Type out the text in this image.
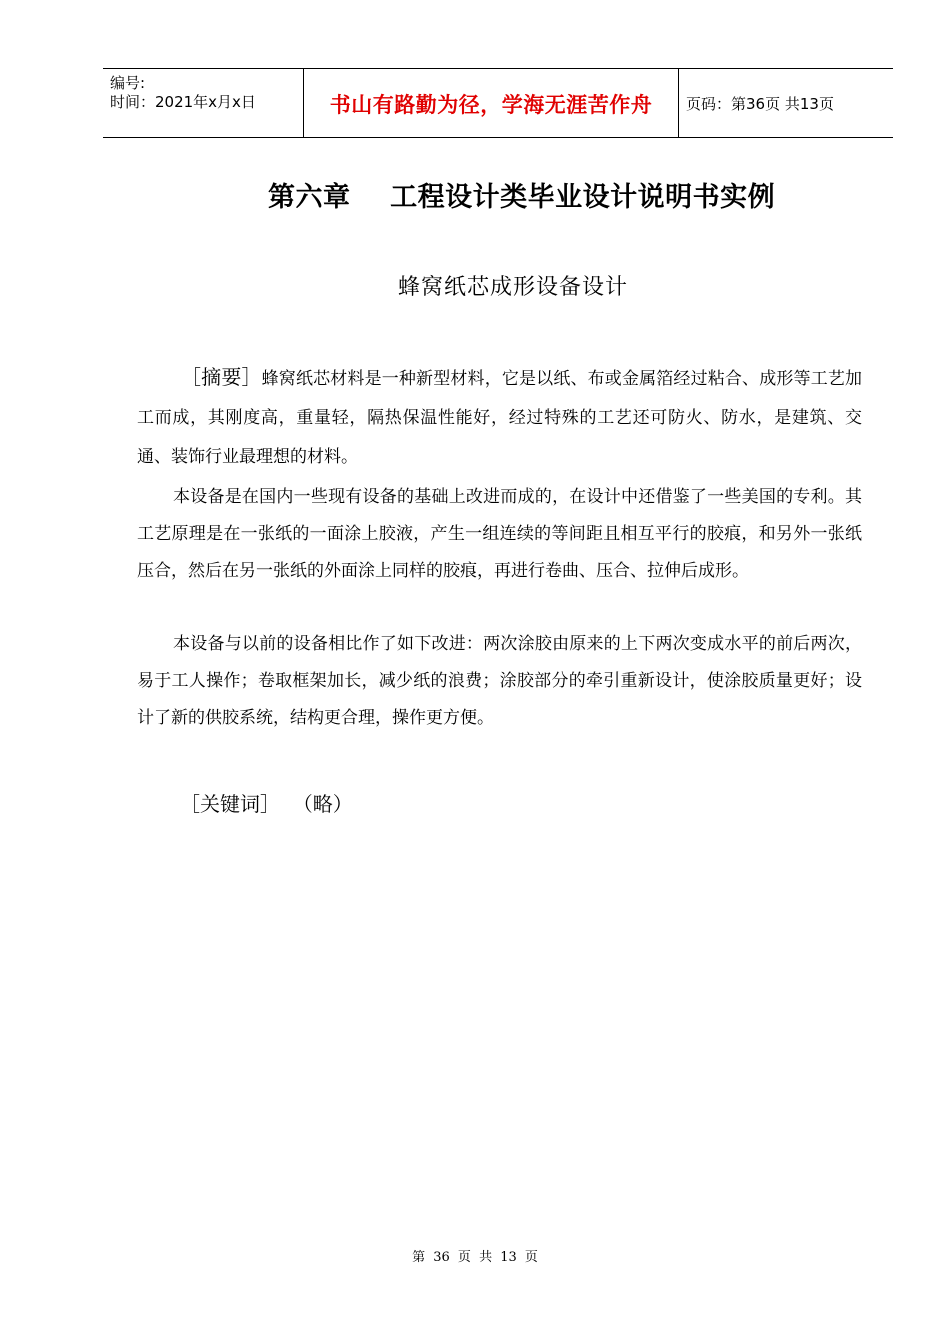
编号:
时间：2021年x月x日	书山有路勤为径，学海无涯苦作舟	页码：第36页 共13页
第六章    工程设计类毕业设计说明书实例
蜂窝纸芯成形设备设计

［摘要］蜂窝纸芯材料是一种新型材料，它是以纸、布或金属箔经过粘合、成形等工艺加工而成，其刚度高，重量轻，隔热保温性能好，经过特殊的工艺还可防火、防水，是建筑、交通、装饰行业最理想的材料。

本设备是在国内一些现有设备的基础上改进而成的，在设计中还借鉴了一些美国的专利。其工艺原理是在一张纸的一面涂上胶液，产生一组连续的等间距且相互平行的胶痕，和另外一张纸压合，然后在另一张纸的外面涂上同样的胶痕，再进行卷曲、压合、拉伸后成形。

本设备与以前的设备相比作了如下改进：两次涂胶由原来的上下两次变成水平的前后两次，易于工人操作；卷取框架加长，减少纸的浪费；涂胶部分的牵引重新设计，使涂胶质量更好；设计了新的供胶系统，结构更合理，操作更方便。

［关键词］  （略）
第 36 页 共 13 页
